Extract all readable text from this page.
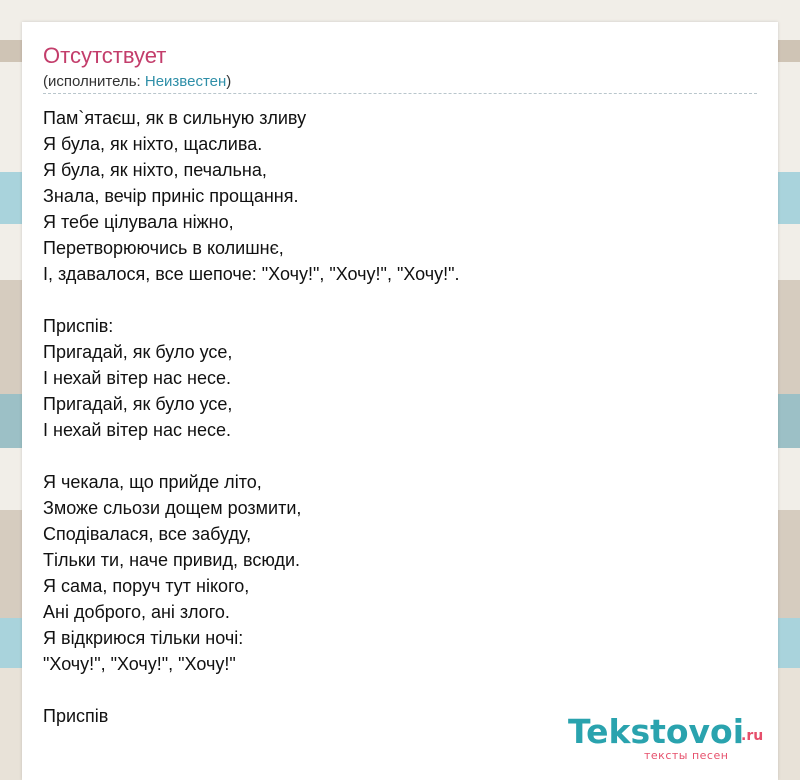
Отсутствует
(исполнитель: Неизвестен)
Пам`ятаєш, як в сильную зливу
Я була, як ніхто, щаслива.
Я була, як ніхто, печальна,
Знала, вечір приніс прощання.
Я тебе цілувала ніжно,
Перетворюючись в колишнє,
І, здавалося, все шепоче: "Хочу!", "Хочу!", "Хочу!".
Приспів:
Пригадай, як було усе,
І нехай вітер нас несе.
Пригадай, як було усе,
І нехай вітер нас несе.
Я чекала, що прийде літо,
Зможе сльози дощем розмити,
Сподівалася, все забуду,
Тільки ти, наче привид, всюди.
Я сама, поруч тут нікого,
Ані доброго, ані злого.
Я відкриюся тільки ночі:
"Хочу!", "Хочу!", "Хочу!"
Приспів	Tekstovoi
.ru
тексты песен
